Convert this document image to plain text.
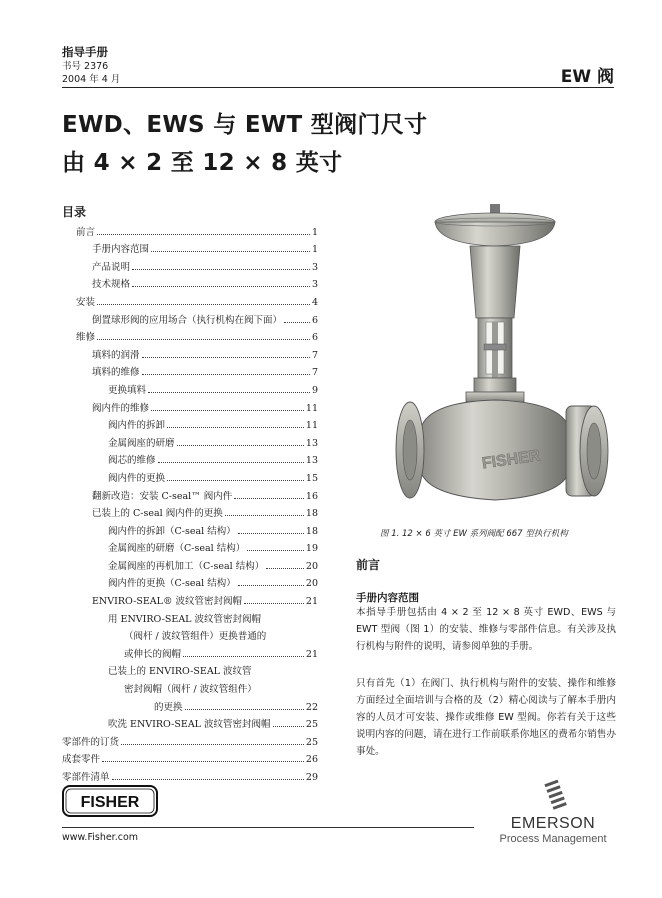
指导手册
书号 2376
2004 年 4 月	EW 阀
EWD、EWS 与 EWT 型阀门尺寸
由 4 × 2 至 12 × 8 英寸
目录
前言	1
手册内容范围	1
产品说明	3
技术规格	3
安装	4
倒置球形阀的应用场合（执行机构在阀下面）	6
维修	6
填料的润滑	7
填料的维修	7
更换填料	9
阀内件的维修	11
阀内件的拆卸	11
金属阀座的研磨	13
阀芯的维修	13
阀内件的更换	15
翻新改造：安装 C-seal™ 阀内件	16
已装上的 C-seal 阀内件的更换	18
阀内件的拆卸（C-seal 结构）	18
金属阀座的研磨（C-seal 结构）	19
金属阀座的再机加工（C-seal 结构）	20
阀内件的更换（C-seal 结构）	20
ENVIRO-SEAL® 波纹管密封阀帽	21
用 ENVIRO-SEAL 波纹管密封阀帽
（阀杆 / 波纹管组件）更换普通的
或伸长的阀帽	21
已装上的 ENVIRO-SEAL 波纹管
密封阀帽（阀杆 / 波纹管组件）
的更换	22
吹洗 ENVIRO-SEAL 波纹管密封阀帽	25
零部件的订货	25
成套零件	26
零部件清单	29
FISHER
图 1. 12 × 6 英寸 EW 系列阀配 667 型执行机构
前言
手册内容范围
本指导手册包括由 4 × 2 至 12 × 8 英寸 EWD、EWS 与 EWT 型阀（图 1）的安装、维修与零部件信息。有关涉及执行机构与附件的说明，请参阅单独的手册。
只有首先（1）在阀门、执行机构与附件的安装、操作和维修方面经过全面培训与合格的及（2）精心阅读与了解本手册内容的人员才可安装、操作或维修 EW 型阀。你若有关于这些说明内容的问题，请在进行工作前联系你地区的费希尔销售办事处。
FISHER
www.Fisher.com
EMERSON
Process Management
